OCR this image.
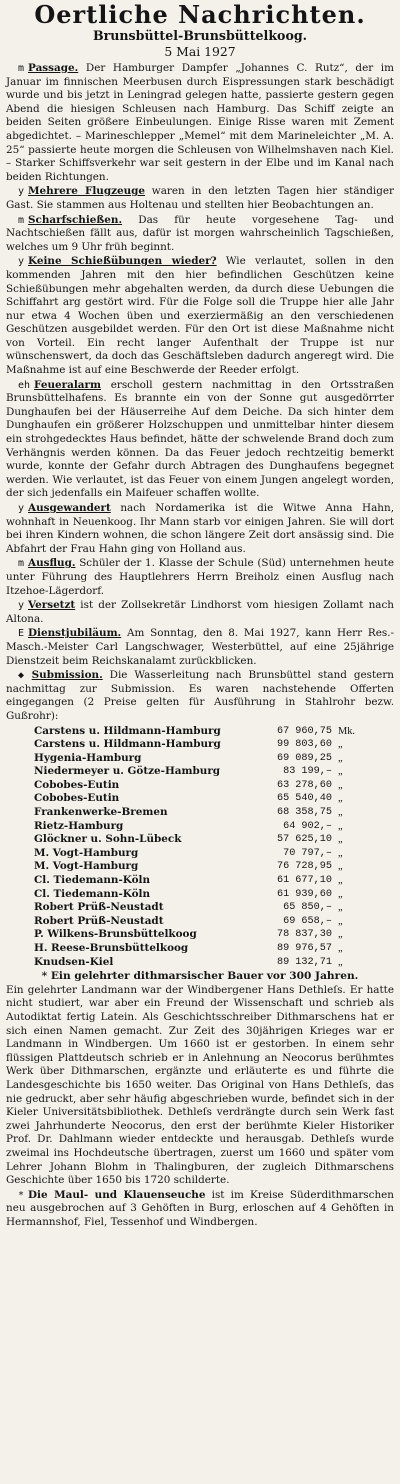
Oertliche Nachrichten.

Brunsbüttel-Brunsbüttelkoog.

5 Mai 1927

m Passage. Der Hamburger Dampfer „Johannes C. Rutz“, der im Januar im finnischen Meerbusen durch Eispressungen stark beschädigt wurde und bis jetzt in Leningrad gelegen hatte, passierte gestern gegen Abend die hiesigen Schleusen nach Hamburg. Das Schiff zeigte an beiden Seiten größere Einbeulungen. Einige Risse waren mit Zement abgedichtet. – Marineschlepper „Memel“ mit dem Marineleichter „M. A. 25“ passierte heute morgen die Schleusen von Wilhelmshaven nach Kiel. – Starker Schiffsverkehr war seit gestern in der Elbe und im Kanal nach beiden Richtungen.

y Mehrere Flugzeuge waren in den letzten Tagen hier ständiger Gast. Sie stammen aus Holtenau und stellten hier Beobachtungen an.

m Scharfschießen. Das für heute vorgesehene Tag- und Nachtschießen fällt aus, dafür ist morgen wahrscheinlich Tagschießen, welches um 9 Uhr früh beginnt.

y Keine Schießübungen wieder? Wie verlautet, sollen in den kommenden Jahren mit den hier befindlichen Geschützen keine Schießübungen mehr abgehalten werden, da durch diese Uebungen die Schiffahrt arg gestört wird. Für die Folge soll die Truppe hier alle Jahr nur etwa 4 Wochen üben und exerziermäßig an den verschiedenen Geschützen ausgebildet werden. Für den Ort ist diese Maßnahme nicht von Vorteil. Ein recht langer Aufenthalt der Truppe ist nur wünschenswert, da doch das Geschäftsleben dadurch angeregt wird. Die Maßnahme ist auf eine Beschwerde der Reeder erfolgt.

eh Feueralarm erscholl gestern nachmittag in den Ortsstraßen Brunsbüttelhafens. Es brannte ein von der Sonne gut ausgedörrter Dunghaufen bei der Häuserreihe Auf dem Deiche. Da sich hinter dem Dunghaufen ein größerer Holzschuppen und unmittelbar hinter diesem ein strohgedecktes Haus befindet, hätte der schwelende Brand doch zum Verhängnis werden können. Da das Feuer jedoch rechtzeitig bemerkt wurde, konnte der Gefahr durch Abtragen des Dunghaufens begegnet werden. Wie verlautet, ist das Feuer von einem Jungen angelegt worden, der sich jedenfalls ein Maifeuer schaffen wollte.

y Ausgewandert nach Nordamerika ist die Witwe Anna Hahn, wohnhaft in Neuenkoog. Ihr Mann starb vor einigen Jahren. Sie will dort bei ihren Kindern wohnen, die schon längere Zeit dort ansässig sind. Die Abfahrt der Frau Hahn ging von Holland aus.

m Ausflug. Schüler der 1. Klasse der Schule (Süd) unternehmen heute unter Führung des Hauptlehrers Herrn Breiholz einen Ausflug nach Itzehoe-Lägerdorf.

y Versetzt ist der Zollsekretär Lindhorst vom hiesigen Zollamt nach Altona.

E Dienstjubiläum. Am Sonntag, den 8. Mai 1927, kann Herr Res.-Masch.-Meister Carl Langschwager, Westerbüttel, auf eine 25jährige Dienstzeit beim Reichskanalamt zurückblicken.

◆ Submission. Die Wasserleitung nach Brunsbüttel stand gestern nachmittag zur Submission. Es waren nachstehende Offerten eingegangen (2 Preise gelten für Ausführung in Stahlrohr bezw. Gußrohr):

Carstens u. Hildmann-Hamburg	67 960,75 Mk.
Carstens u. Hildmann-Hamburg	99 803,60 „
Hygenia-Hamburg	69 089,25 „
Niedermeyer u. Götze-Hamburg	83 199,– „
Cobobes-Eutin	63 278,60 „
Cobobes-Eutin	65 540,40 „
Frankenwerke-Bremen	68 358,75 „
Rietz-Hamburg	64 902,– „
Glöckner u. Sohn-Lübeck	57 625,10 „
M. Vogt-Hamburg	70 797,– „
M. Vogt-Hamburg	76 728,95 „
Cl. Tiedemann-Köln	61 677,10 „
Cl. Tiedemann-Köln	61 939,60 „
Robert Prüß-Neustadt	65 850,– „
Robert Prüß-Neustadt	69 658,– „
P. Wilkens-Brunsbüttelkoog	78 837,30 „
H. Reese-Brunsbüttelkoog	89 976,57 „
Knudsen-Kiel	89 132,71 „

* Ein gelehrter dithmarsischer Bauer vor 300 Jahren.

Ein gelehrter Landmann war der Windbergener Hans Dethleſs. Er hatte nicht studiert, war aber ein Freund der Wissenschaft und schrieb als Autodiktat fertig Latein. Als Geschichtsschreiber Dithmarschens hat er sich einen Namen gemacht. Zur Zeit des 30jährigen Krieges war er Landmann in Windbergen. Um 1660 ist er gestorben. In einem sehr flüssigen Plattdeutsch schrieb er in Anlehnung an Neocorus berühmtes Werk über Dithmarschen, ergänzte und erläuterte es und führte die Landesgeschichte bis 1650 weiter. Das Original von Hans Dethleſs, das nie gedruckt, aber sehr häufig abgeschrieben wurde, befindet sich in der Kieler Universitätsbibliothek. Dethleſs verdrängte durch sein Werk fast zwei Jahrhunderte Neocorus, den erst der berühmte Kieler Historiker Prof. Dr. Dahlmann wieder entdeckte und herausgab. Dethleſs wurde zweimal ins Hochdeutsche übertragen, zuerst um 1660 und später vom Lehrer Johann Blohm in Thalingburen, der zugleich Dithmarschens Geschichte über 1650 bis 1720 schilderte.

* Die Maul- und Klauenseuche ist im Kreise Süderdithmarschen neu ausgebrochen auf 3 Gehöften in Burg, erloschen auf 4 Gehöften in Hermannshof, Fiel, Tessenhof und Windbergen.
